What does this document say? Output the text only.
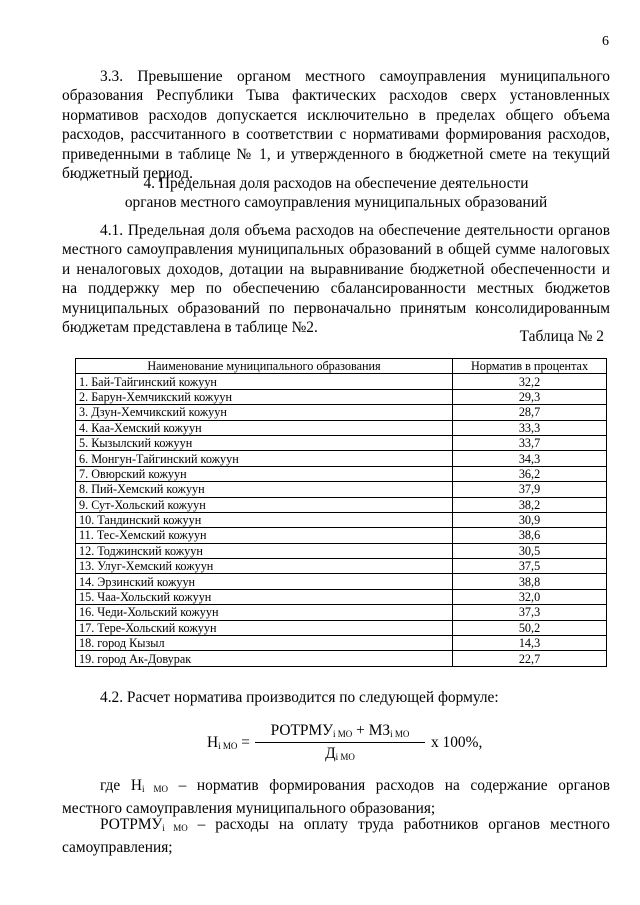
6

3.3. Превышение органом местного самоуправления муниципального образования Республики Тыва фактических расходов сверх установленных нормативов расходов допускается исключительно в пределах общего объема расходов, рассчитанного в соответствии с нормативами формирования расходов, приведенными в таблице № 1, и утвержденного в бюджетной смете на текущий бюджетный период.

4. Предельная доля расходов на обеспечение деятельности
органов местного самоуправления муниципальных образований

4.1. Предельная доля объема расходов на обеспечение деятельности органов местного самоуправления муниципальных образований в общей сумме налоговых и неналоговых доходов, дотации на выравнивание бюджетной обеспеченности и на поддержку мер по обеспечению сбалансированности местных бюджетов муниципальных образований по первоначально принятым консолидированным бюджетам представлена в таблице №2.

Таблица № 2
Наименование муниципального образования	Норматив в процентах
1. Бай-Тайгинский кожуун	32,2
2. Барун-Хемчикский кожуун	29,3
3. Дзун-Хемчикский кожуун	28,7
4. Каа-Хемский кожуун	33,3
5. Кызылский кожуун	33,7
6. Монгун-Тайгинский кожуун	34,3
7. Овюрский кожуун	36,2
8. Пий-Хемский кожуун	37,9
9. Сут-Хольский кожуун	38,2
10. Тандинский кожуун	30,9
11. Тес-Хемский кожуун	38,6
12. Тоджинский кожуун	30,5
13. Улуг-Хемский кожуун	37,5
14. Эрзинский кожуун	38,8
15. Чаа-Хольский кожуун	32,0
16. Чеди-Хольский кожуун	37,3
17. Тере-Хольский кожуун	50,2
18. город Кызыл	14,3
19. город Ак-Довурак	22,7

4.2. Расчет норматива производится по следующей формуле:

$Н_{i МО}$ =
$РОТРМУ_{i МО} + МЗ_{i МО}$
$Д_{i МО}$
х 100%,

где $Н_{i МО}$ – норматив формирования расходов на содержание органов местного самоуправления муниципального образования;

$РОТРМУ_{i МО}$ – расходы на оплату труда работников органов местного самоуправления;
